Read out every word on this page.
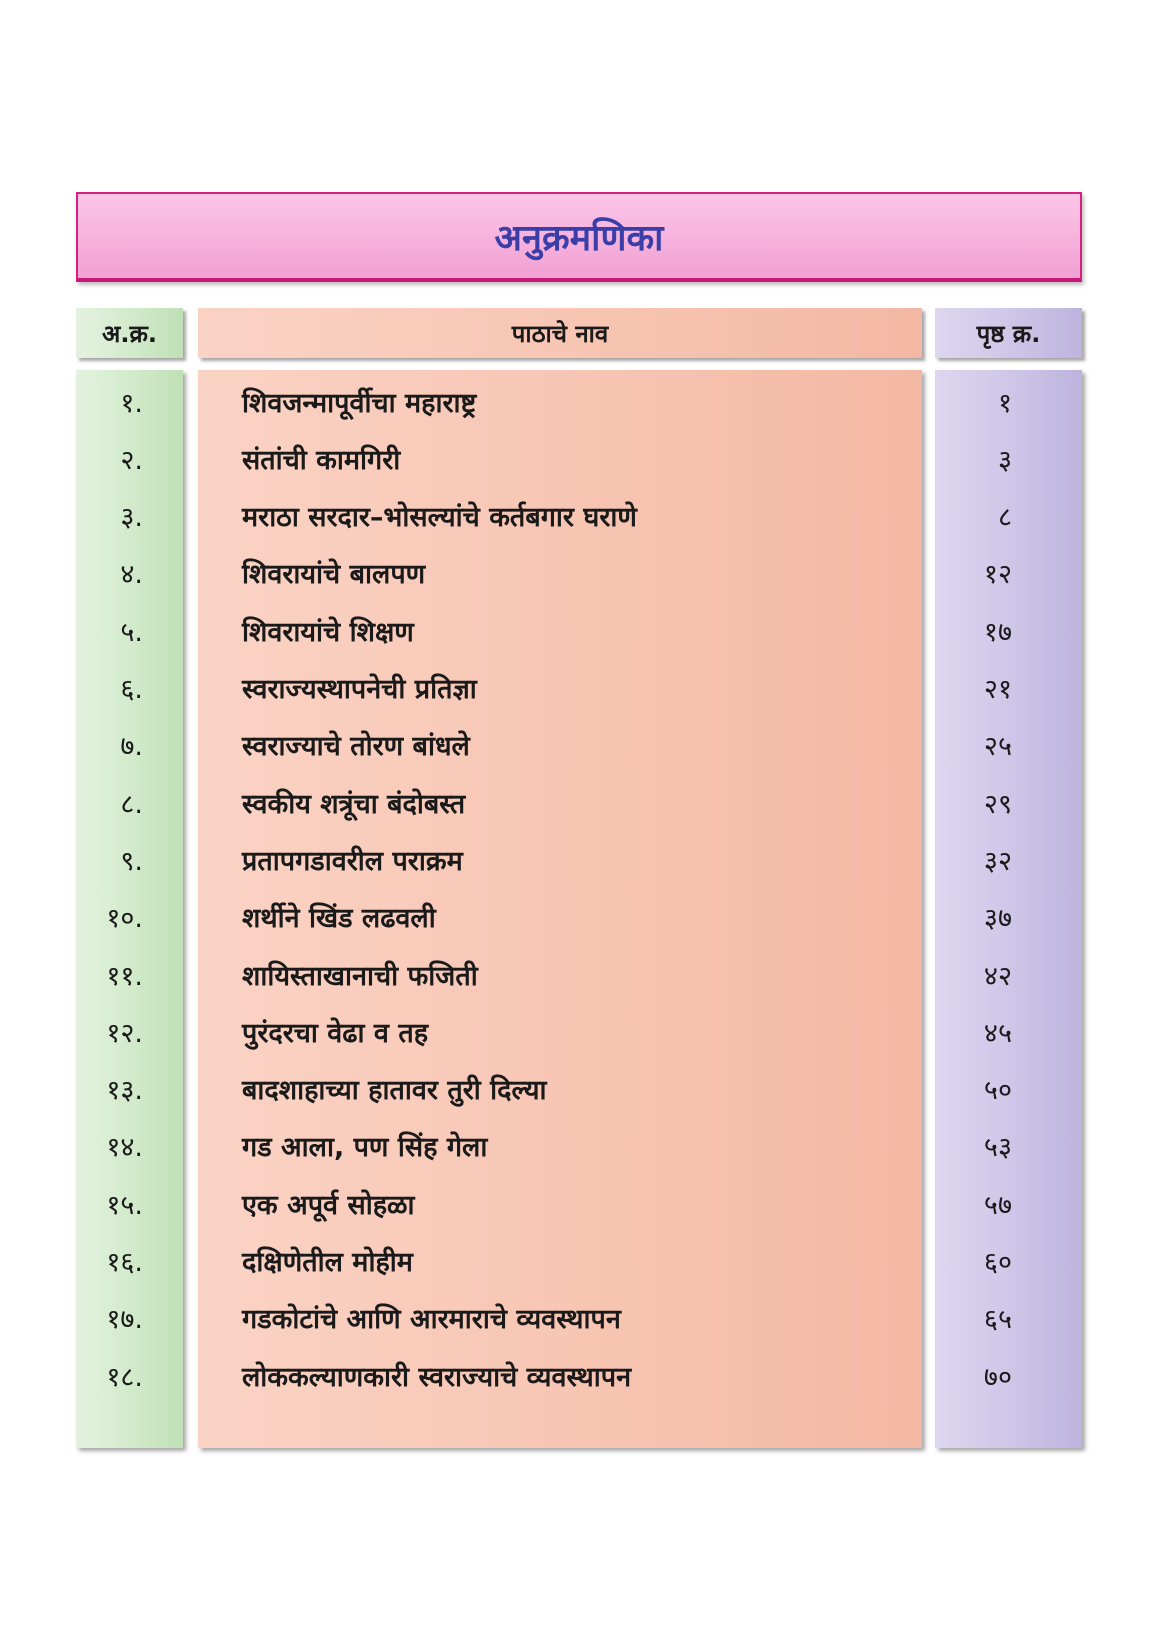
अनुक्रमणिका
अ.क्र.	पाठाचे नाव	पृष्ठ क्र.
१.
२.
३.
४.
५.
६.
७.
८.
९.
१०.
११.
१२.
१३.
१४.
१५.
१६.
१७.
१८.
शिवजन्मापूर्वीचा महाराष्ट्र
संतांची कामगिरी
मराठा सरदार–भोसल्यांचे कर्तबगार घराणे
शिवरायांचे बालपण
शिवरायांचे शिक्षण
स्वराज्यस्थापनेची प्रतिज्ञा
स्वराज्याचे तोरण बांधले
स्वकीय शत्रूंचा बंदोबस्त
प्रतापगडावरील पराक्रम
शर्थीने खिंड लढवली
शायिस्ताखानाची फजिती
पुरंदरचा वेढा व तह
बादशाहाच्या हातावर तुरी दिल्या
गड आला, पण सिंह गेला
एक अपूर्व सोहळा
दक्षिणेतील मोहीम
गडकोटांचे आणि आरमाराचे व्यवस्थापन
लोककल्याणकारी स्वराज्याचे व्यवस्थापन
१
३
८
१२
१७
२१
२५
२९
३२
३७
४२
४५
५०
५३
५७
६०
६५
७०
